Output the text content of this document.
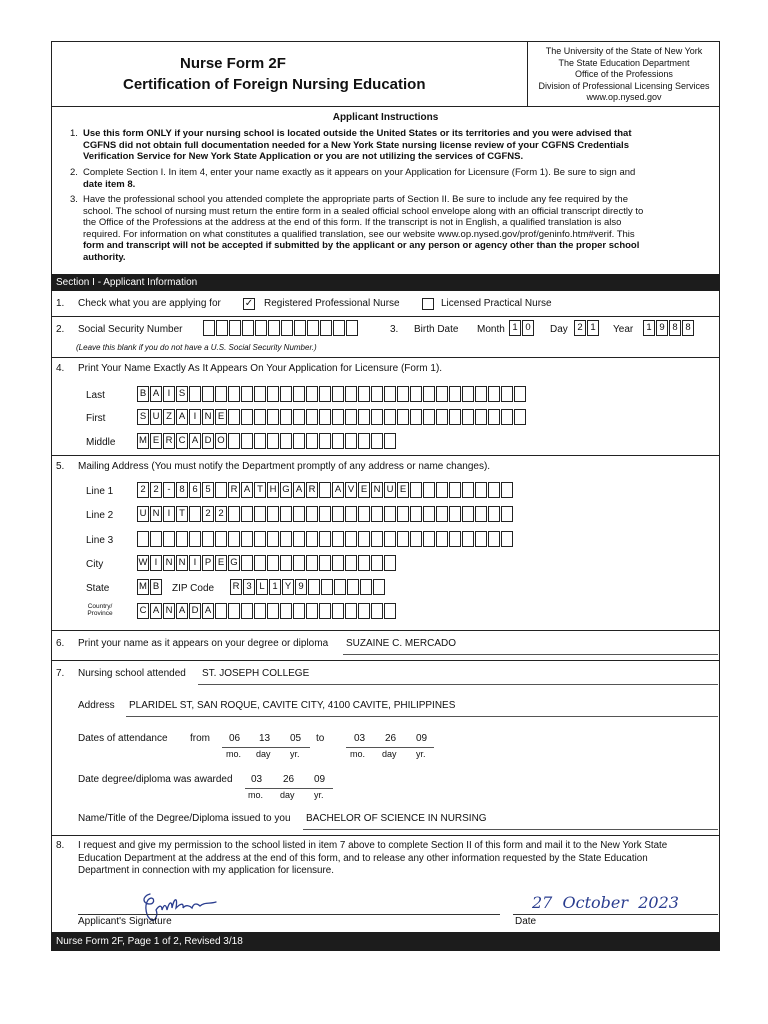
Nurse Form 2F
Certification of Foreign Nursing Education
The University of the State of New York
The State Education Department
Office of the Professions
Division of Professional Licensing Services
www.op.nysed.gov
Applicant Instructions
1. Use this form ONLY if your nursing school is located outside the United States or its territories and you were advised that
CGFNS did not obtain full documentation needed for a New York State nursing license review of your CGFNS Credentials
Verification Service for New York State Application or you are not utilizing the services of CGFNS.
2. Complete Section I. In item 4, enter your name exactly as it appears on your Application for Licensure (Form 1). Be sure to sign and
date item 8.
3. Have the professional school you attended complete the appropriate parts of Section II. Be sure to include any fee required by the
school. The school of nursing must return the entire form in a sealed official school envelope along with an official transcript directly to
the Office of the Professions at the address at the end of this form. If the transcript is not in English, a qualified translation is also
required. For information on what constitutes a qualified translation, see our website www.op.nysed.gov/prof/geninfo.htm#verif. This
form and transcript will not be accepted if submitted by the applicant or any person or agency other than the proper school
authority.
Section I - Applicant Information
1. Check what you are applying for ✓ Registered Professional Nurse	Licensed Practical Nurse
2. Social Security Number
(Leave this blank if you do not have a U.S. Social Security Number.)
3. Birth Date Month 1 0	Day	2 1	Year	1 9 8 8
4. Print Your Name Exactly As It Appears On Your Application for Licensure (Form 1).
Last	B A I S
First	S U Z A I N E
Middle M E R C A D O
5. Mailing Address (You must notify the Department promptly of any address or name changes).
Line 1	2 2 - 8 6 5	R A T H G A R A V E N U E
Line 2	U N I T	2 2
Line 3
City	W I N N I P E G
State	M B ZIP Code R 3 L 1 Y 9
Country/
Province	C A N A D A
6. Print your name as it appears on your degree or diploma SUZAINE C. MERCADO
7. Nursing school attended ST. JOSEPH COLLEGE
Address PLARIDEL ST, SAN ROQUE, CAVITE CITY, 4100 CAVITE, PHILIPPINES
Dates of attendance from 06 13 05
mo. day yr.
to	03 26 09
mo. day yr.
Date degree/diploma was awarded 03 26 09
mo. day yr.
Name/Title of the Degree/Diploma issued to you BACHELOR OF SCIENCE IN NURSING
8. I request and give my permission to the school listed in item 7 above to complete Section II of this form and mail it to the New York State
Education Department at the address at the end of this form, and to release any other information requested by the State Education
Department in connection with my application for licensure.
Applicant's Signature
27  October  2023
Date
Nurse Form 2F, Page 1 of 2, Revised 3/18
